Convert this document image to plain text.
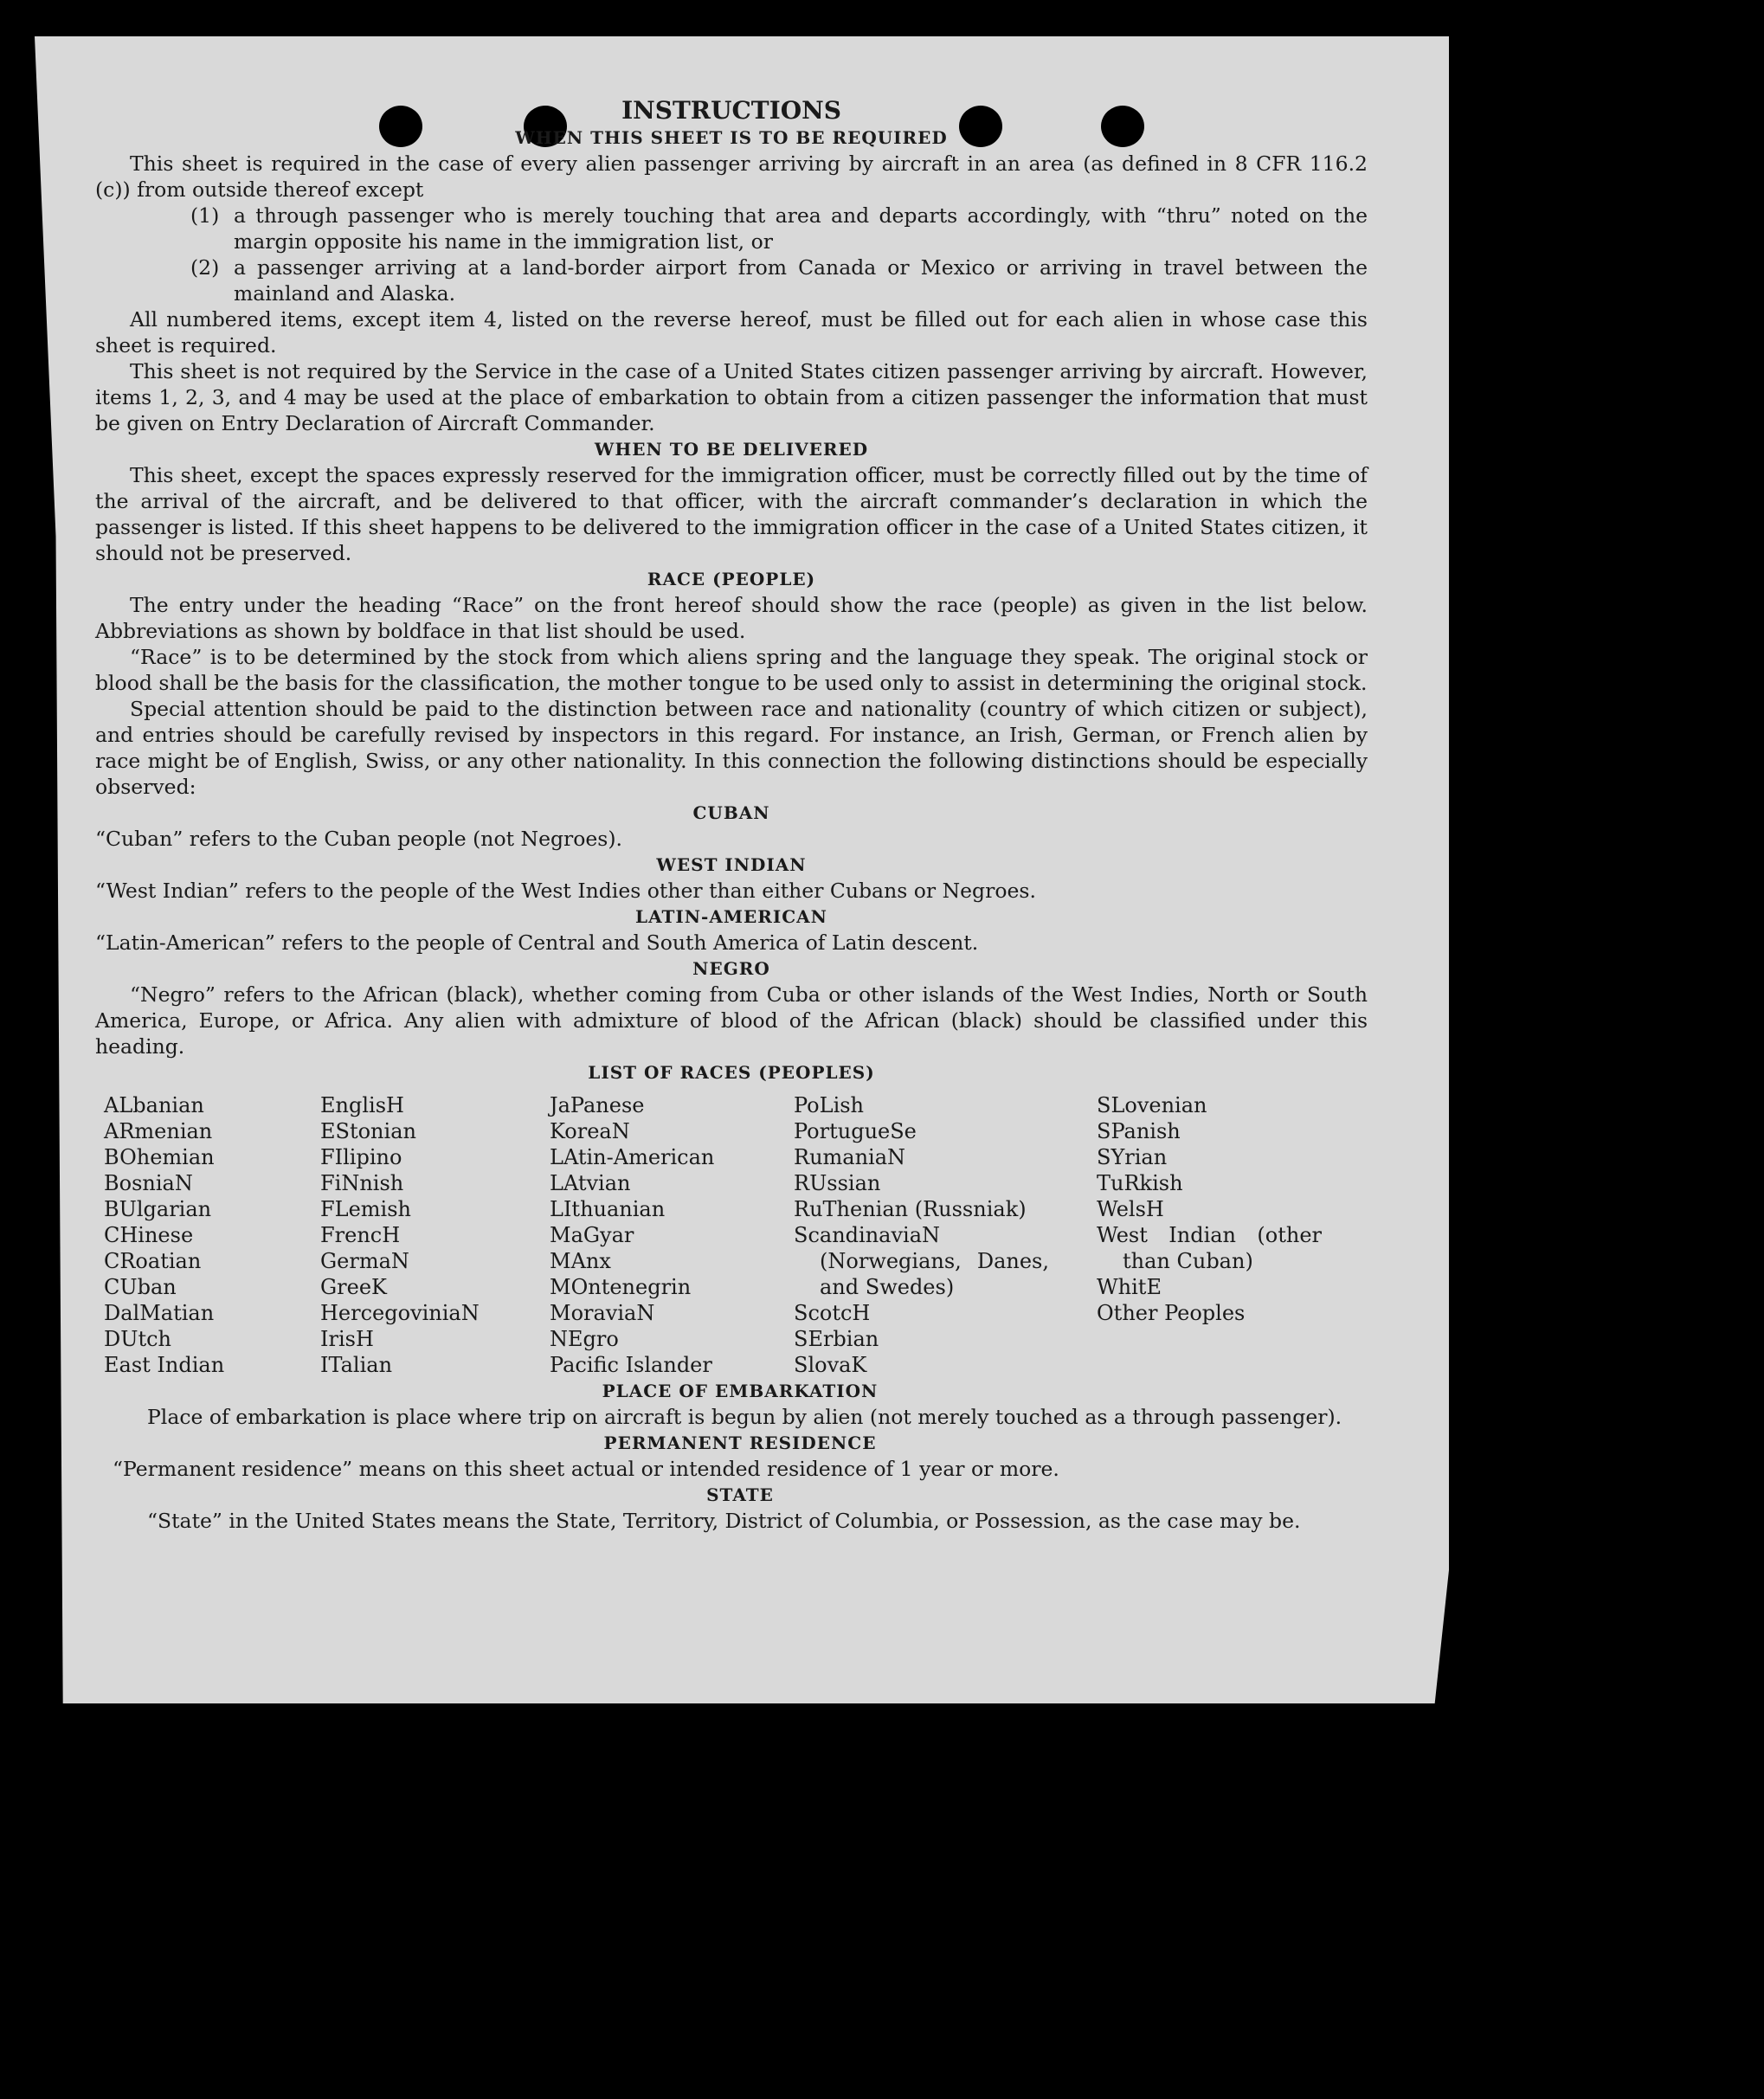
INSTRUCTIONS

WHEN THIS SHEET IS TO BE REQUIRED

This sheet is required in the case of every alien passenger arriving by aircraft in an area (as defined in 8 CFR 116.2 (c)) from outside thereof except

(1) a through passenger who is merely touching that area and departs accordingly, with “thru” noted on the margin opposite his name in the immigration list, or
(2) a passenger arriving at a land-border airport from Canada or Mexico or arriving in travel between the mainland and Alaska.

All numbered items, except item 4, listed on the reverse hereof, must be filled out for each alien in whose case this sheet is required.

This sheet is not required by the Service in the case of a United States citizen passenger arriving by aircraft. However, items 1, 2, 3, and 4 may be used at the place of embarkation to obtain from a citizen passenger the information that must be given on Entry Declaration of Aircraft Commander.

WHEN TO BE DELIVERED

This sheet, except the spaces expressly reserved for the immigration officer, must be correctly filled out by the time of the arrival of the aircraft, and be delivered to that officer, with the aircraft commander’s declaration in which the passenger is listed. If this sheet happens to be delivered to the immigration officer in the case of a United States citizen, it should not be preserved.

RACE (PEOPLE)

The entry under the heading “Race” on the front hereof should show the race (people) as given in the list below. Abbreviations as shown by boldface in that list should be used.

“Race” is to be determined by the stock from which aliens spring and the language they speak. The original stock or blood shall be the basis for the classification, the mother tongue to be used only to assist in determining the original stock.

Special attention should be paid to the distinction between race and nationality (country of which citizen or subject), and entries should be carefully revised by inspectors in this regard. For instance, an Irish, German, or French alien by race might be of English, Swiss, or any other nationality. In this connection the following distinctions should be especially observed:

CUBAN

“Cuban” refers to the Cuban people (not Negroes).

WEST INDIAN

“West Indian” refers to the people of the West Indies other than either Cubans or Negroes.

LATIN-AMERICAN

“Latin-American” refers to the people of Central and South America of Latin descent.

NEGRO

“Negro” refers to the African (black), whether coming from Cuba or other islands of the West Indies, North or South America, Europe, or Africa. Any alien with admixture of blood of the African (black) should be classified under this heading.

LIST OF RACES (PEOPLES)

ALbanian
ARmenian
BOhemian
BosniaN
BUlgarian
CHinese
CRoatian
CUban
DalMatian
DUtch
East Indian
EnglisH
EStonian
FIlipino
FiNnish
FLemish
FrencH
GermaN
GreeK
HercegoviniaN
IrisH
ITalian
JaPanese
KoreaN
LAtin-American
LAtvian
LIthuanian
MaGyar
MAnx
MOntenegrin
MoraviaN
NEgro
Pacific Islander
PoLish
PortugueSe
RumaniaN
RUssian
RuThenian (Russniak)
ScandinaviaN (Norwegians, Danes, and Swedes)
ScotcH
SErbian
SlovaK
SLovenian
SPanish
SYrian
TuRkish
WelsH
West Indian (other than Cuban)
WhitE
Other Peoples

PLACE OF EMBARKATION

Place of embarkation is place where trip on aircraft is begun by alien (not merely touched as a through passenger).

PERMANENT RESIDENCE

“Permanent residence” means on this sheet actual or intended residence of 1 year or more.

STATE

“State” in the United States means the State, Territory, District of Columbia, or Possession, as the case may be.
